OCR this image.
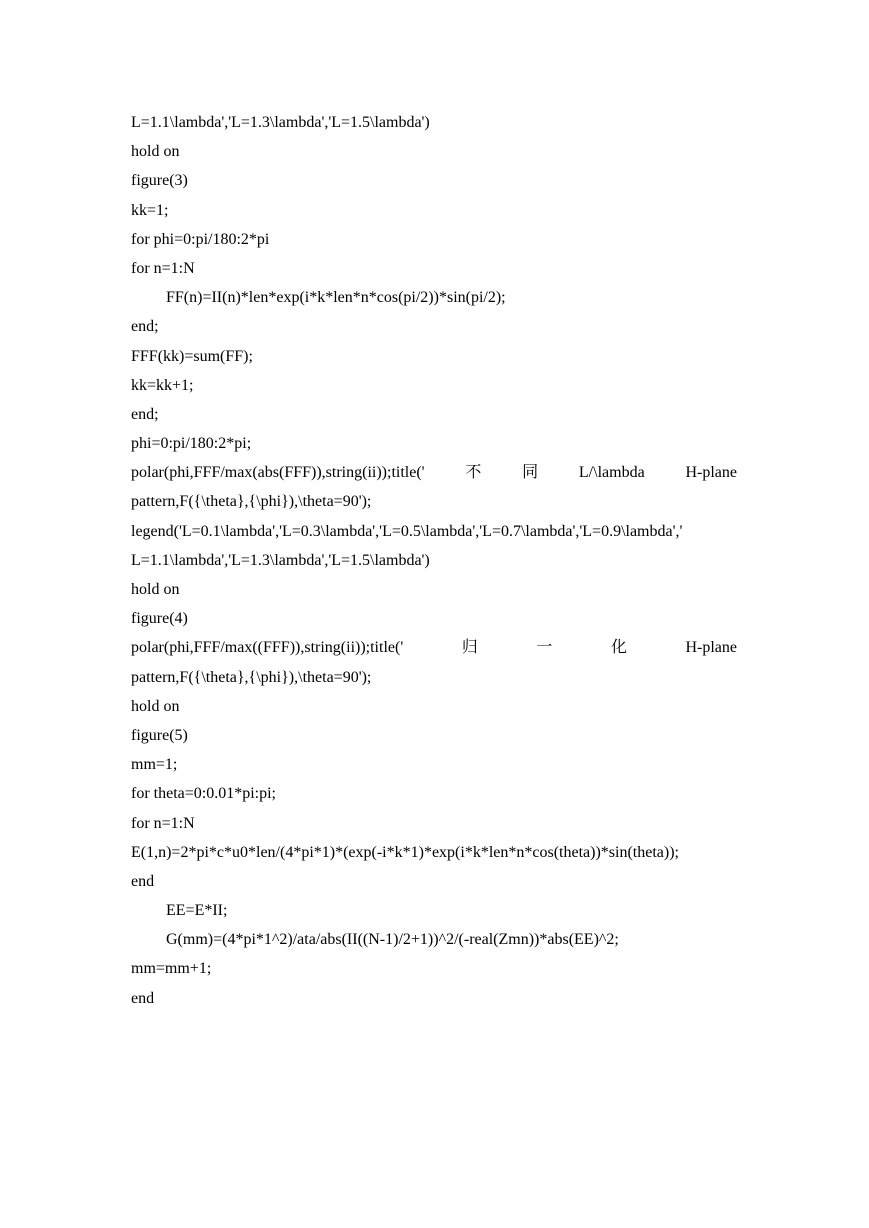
L=1.1\lambda','L=1.3\lambda','L=1.5\lambda')
hold on
figure(3)
kk=1;
for phi=0:pi/180:2*pi
for n=1:N
FF(n)=II(n)*len*exp(i*k*len*n*cos(pi/2))*sin(pi/2);
end;
FFF(kk)=sum(FF);
kk=kk+1;
end;
phi=0:pi/180:2*pi;
polar(phi,FFF/max(abs(FFF)),string(ii));title('	不	同	L/\lambda	H-plane
pattern,F({\theta},{\phi}),\theta=90');
legend('L=0.1\lambda','L=0.3\lambda','L=0.5\lambda','L=0.7\lambda','L=0.9\lambda','
L=1.1\lambda','L=1.3\lambda','L=1.5\lambda')
hold on
figure(4)
polar(phi,FFF/max((FFF)),string(ii));title('	归	一	化	H-plane
pattern,F({\theta},{\phi}),\theta=90');
hold on
figure(5)
mm=1;
for theta=0:0.01*pi:pi;
for n=1:N
E(1,n)=2*pi*c*u0*len/(4*pi*1)*(exp(-i*k*1)*exp(i*k*len*n*cos(theta))*sin(theta));
end
EE=E*II;
G(mm)=(4*pi*1^2)/ata/abs(II((N-1)/2+1))^2/(-real(Zmn))*abs(EE)^2;
mm=mm+1;
end
